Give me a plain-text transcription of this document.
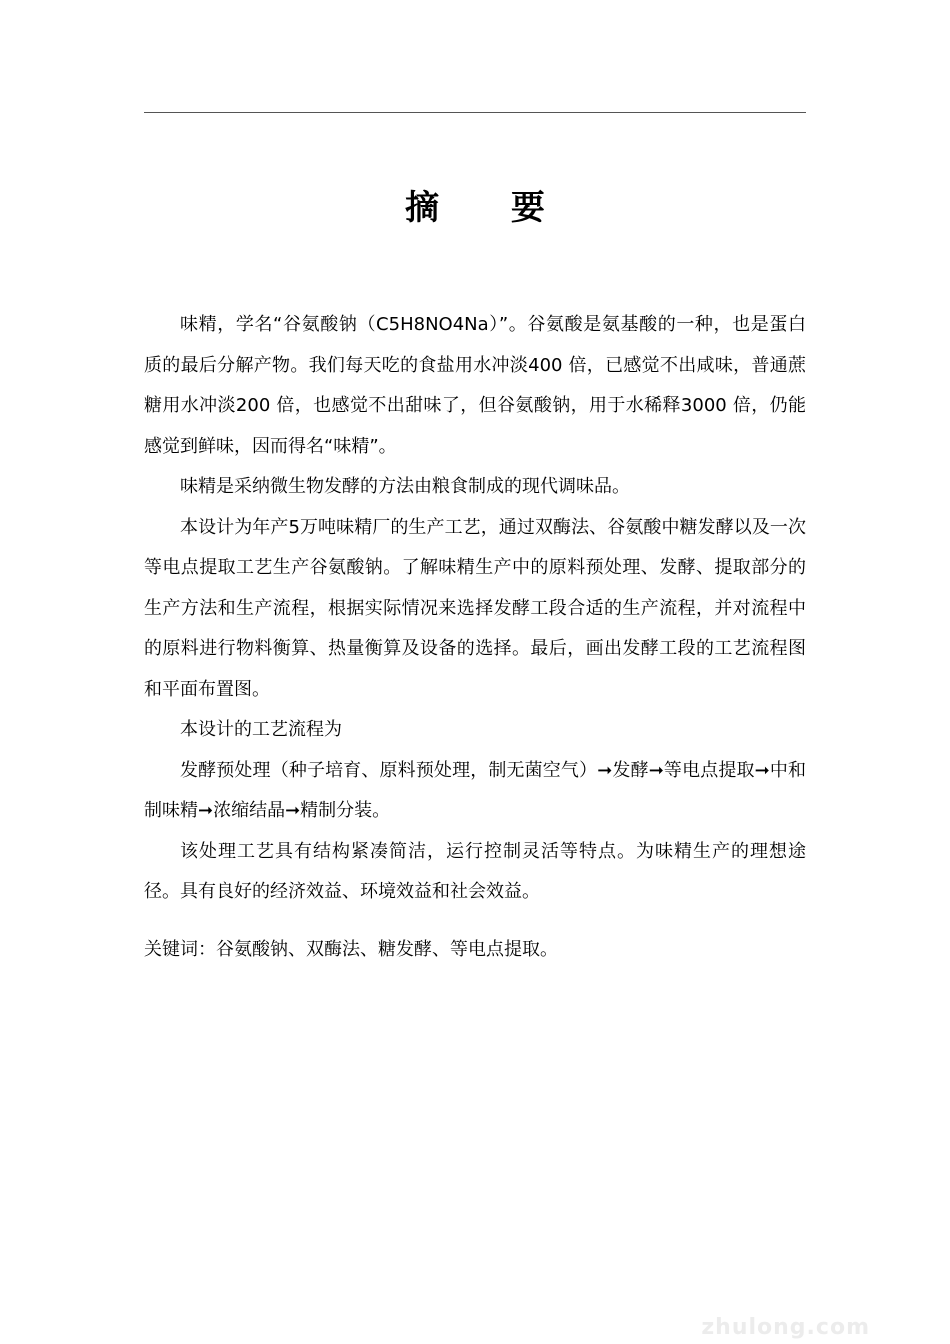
摘 要

味精，学名“谷氨酸钠（C5H8NO4Na）”。谷氨酸是氨基酸的一种，也是蛋白质的最后分解产物。我们每天吃的食盐用水冲淡400 倍，已感觉不出咸味，普通蔗糖用水冲淡200 倍，也感觉不出甜味了，但谷氨酸钠，用于水稀释3000 倍，仍能感觉到鲜味，因而得名“味精”。

味精是采纳微生物发酵的方法由粮食制成的现代调味品。

本设计为年产5万吨味精厂的生产工艺，通过双酶法、谷氨酸中糖发酵以及一次等电点提取工艺生产谷氨酸钠。了解味精生产中的原料预处理、发酵、提取部分的生产方法和生产流程，根据实际情况来选择发酵工段合适的生产流程，并对流程中的原料进行物料衡算、热量衡算及设备的选择。最后，画出发酵工段的工艺流程图和平面布置图。

本设计的工艺流程为

发酵预处理（种子培育、原料预处理，制无菌空气）➞发酵➞等电点提取➞中和制味精➞浓缩结晶➞精制分装。

该处理工艺具有结构紧凑简洁，运行控制灵活等特点。为味精生产的理想途径。具有良好的经济效益、环境效益和社会效益。

关键词：谷氨酸钠、双酶法、糖发酵、等电点提取。
zhulong.com
